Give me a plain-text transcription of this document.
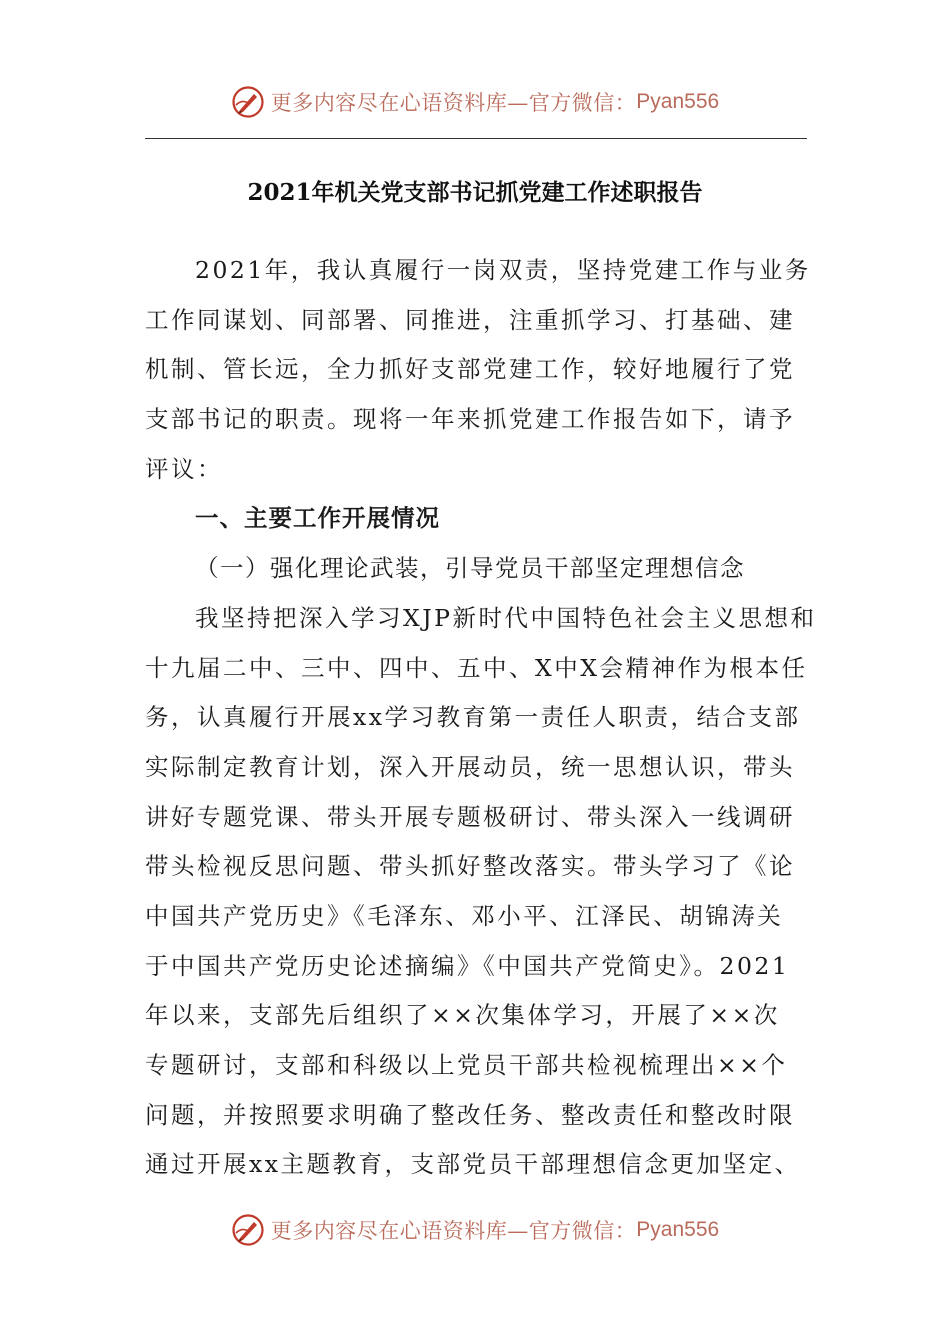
更多内容尽在心语资料库—官方微信： Pyan556
2021年机关党支部书记抓党建工作述职报告
2021年，我认真履行一岗双责，坚持党建工作与业务
工作同谋划、同部署、同推进，注重抓学习、打基础、建
机制、管长远，全力抓好支部党建工作，较好地履行了党
支部书记的职责。现将一年来抓党建工作报告如下，请予
评议：
一、主要工作开展情况
（一）强化理论武装，引导党员干部坚定理想信念
我坚持把深入学习XJP新时代中国特色社会主义思想和
十九届二中、三中、四中、五中、X中X会精神作为根本任
务，认真履行开展xx学习教育第一责任人职责，结合支部
实际制定教育计划，深入开展动员，统一思想认识，带头
讲好专题党课、带头开展专题极研讨、带头深入一线调研
带头检视反思问题、带头抓好整改落实。带头学习了《论
中国共产党历史》《毛泽东、邓小平、江泽民、胡锦涛关
于中国共产党历史论述摘编》《中国共产党简史》。2021
年以来，支部先后组织了××次集体学习，开展了××次
专题研讨，支部和科级以上党员干部共检视梳理出××个
问题，并按照要求明确了整改任务、整改责任和整改时限
通过开展xx主题教育，支部党员干部理想信念更加坚定、
更多内容尽在心语资料库—官方微信： Pyan556
